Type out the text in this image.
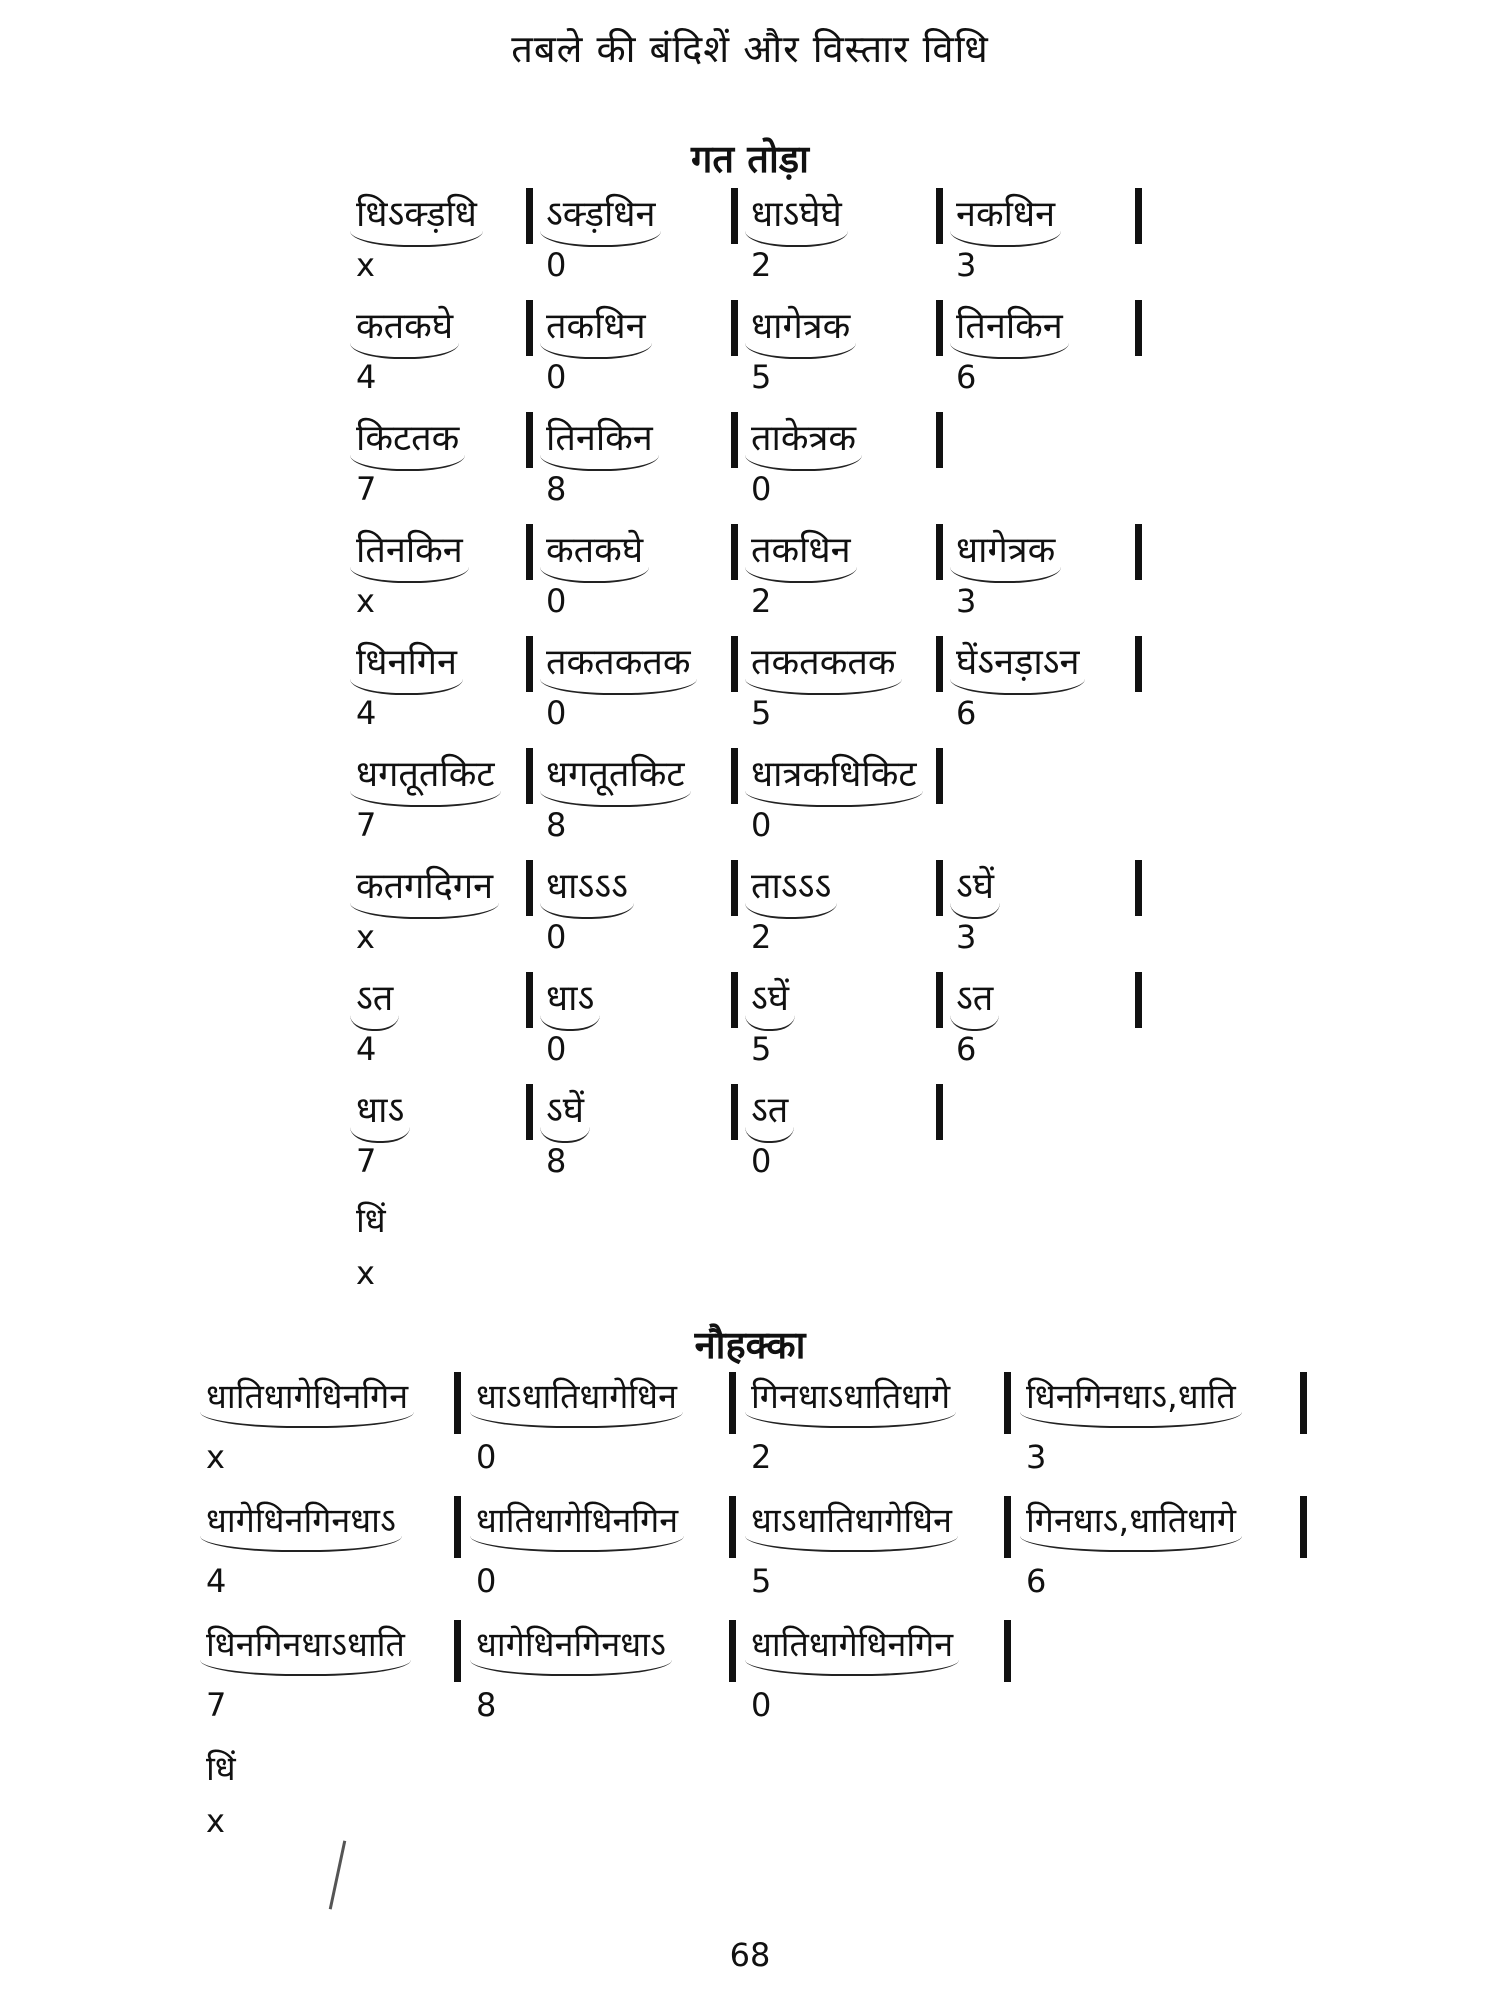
तबले की बंदिशें और विस्तार विधि
गत तोड़ा
धिऽक्ड़धि
x
ऽक्ड़धिन
0
धाऽघेघे
2
नकधिन
3
कतकघे
4
तकधिन
0
धागेत्रक
5
तिनकिन
6
किटतक
7
तिनकिन
8
ताकेत्रक
0
तिनकिन
x
कतकघे
0
तकधिन
2
धागेत्रक
3
धिनगिन
4
तकतकतक
0
तकतकतक
5
घेंऽनड़ाऽन
6
धगतूतकिट
7
धगतूतकिट
8
धात्रकधिकिट
0
कतगदिगन
x
धाऽऽऽ
0
ताऽऽऽ
2
ऽघें
3
ऽत
4
धाऽ
0
ऽघें
5
ऽत
6
धाऽ
7
ऽघें
8
ऽत
0
धिं
x
नौहक्का
धातिधागेधिनगिन
x
धाऽधातिधागेधिन
0
गिनधाऽधातिधागे
2
धिनगिनधाऽ,धाति
3
धागेधिनगिनधाऽ
4
धातिधागेधिनगिन
0
धाऽधातिधागेधिन
5
गिनधाऽ,धातिधागे
6
धिनगिनधाऽधाति
7
धागेधिनगिनधाऽ
8
धातिधागेधिनगिन
0
धिं
x
68
